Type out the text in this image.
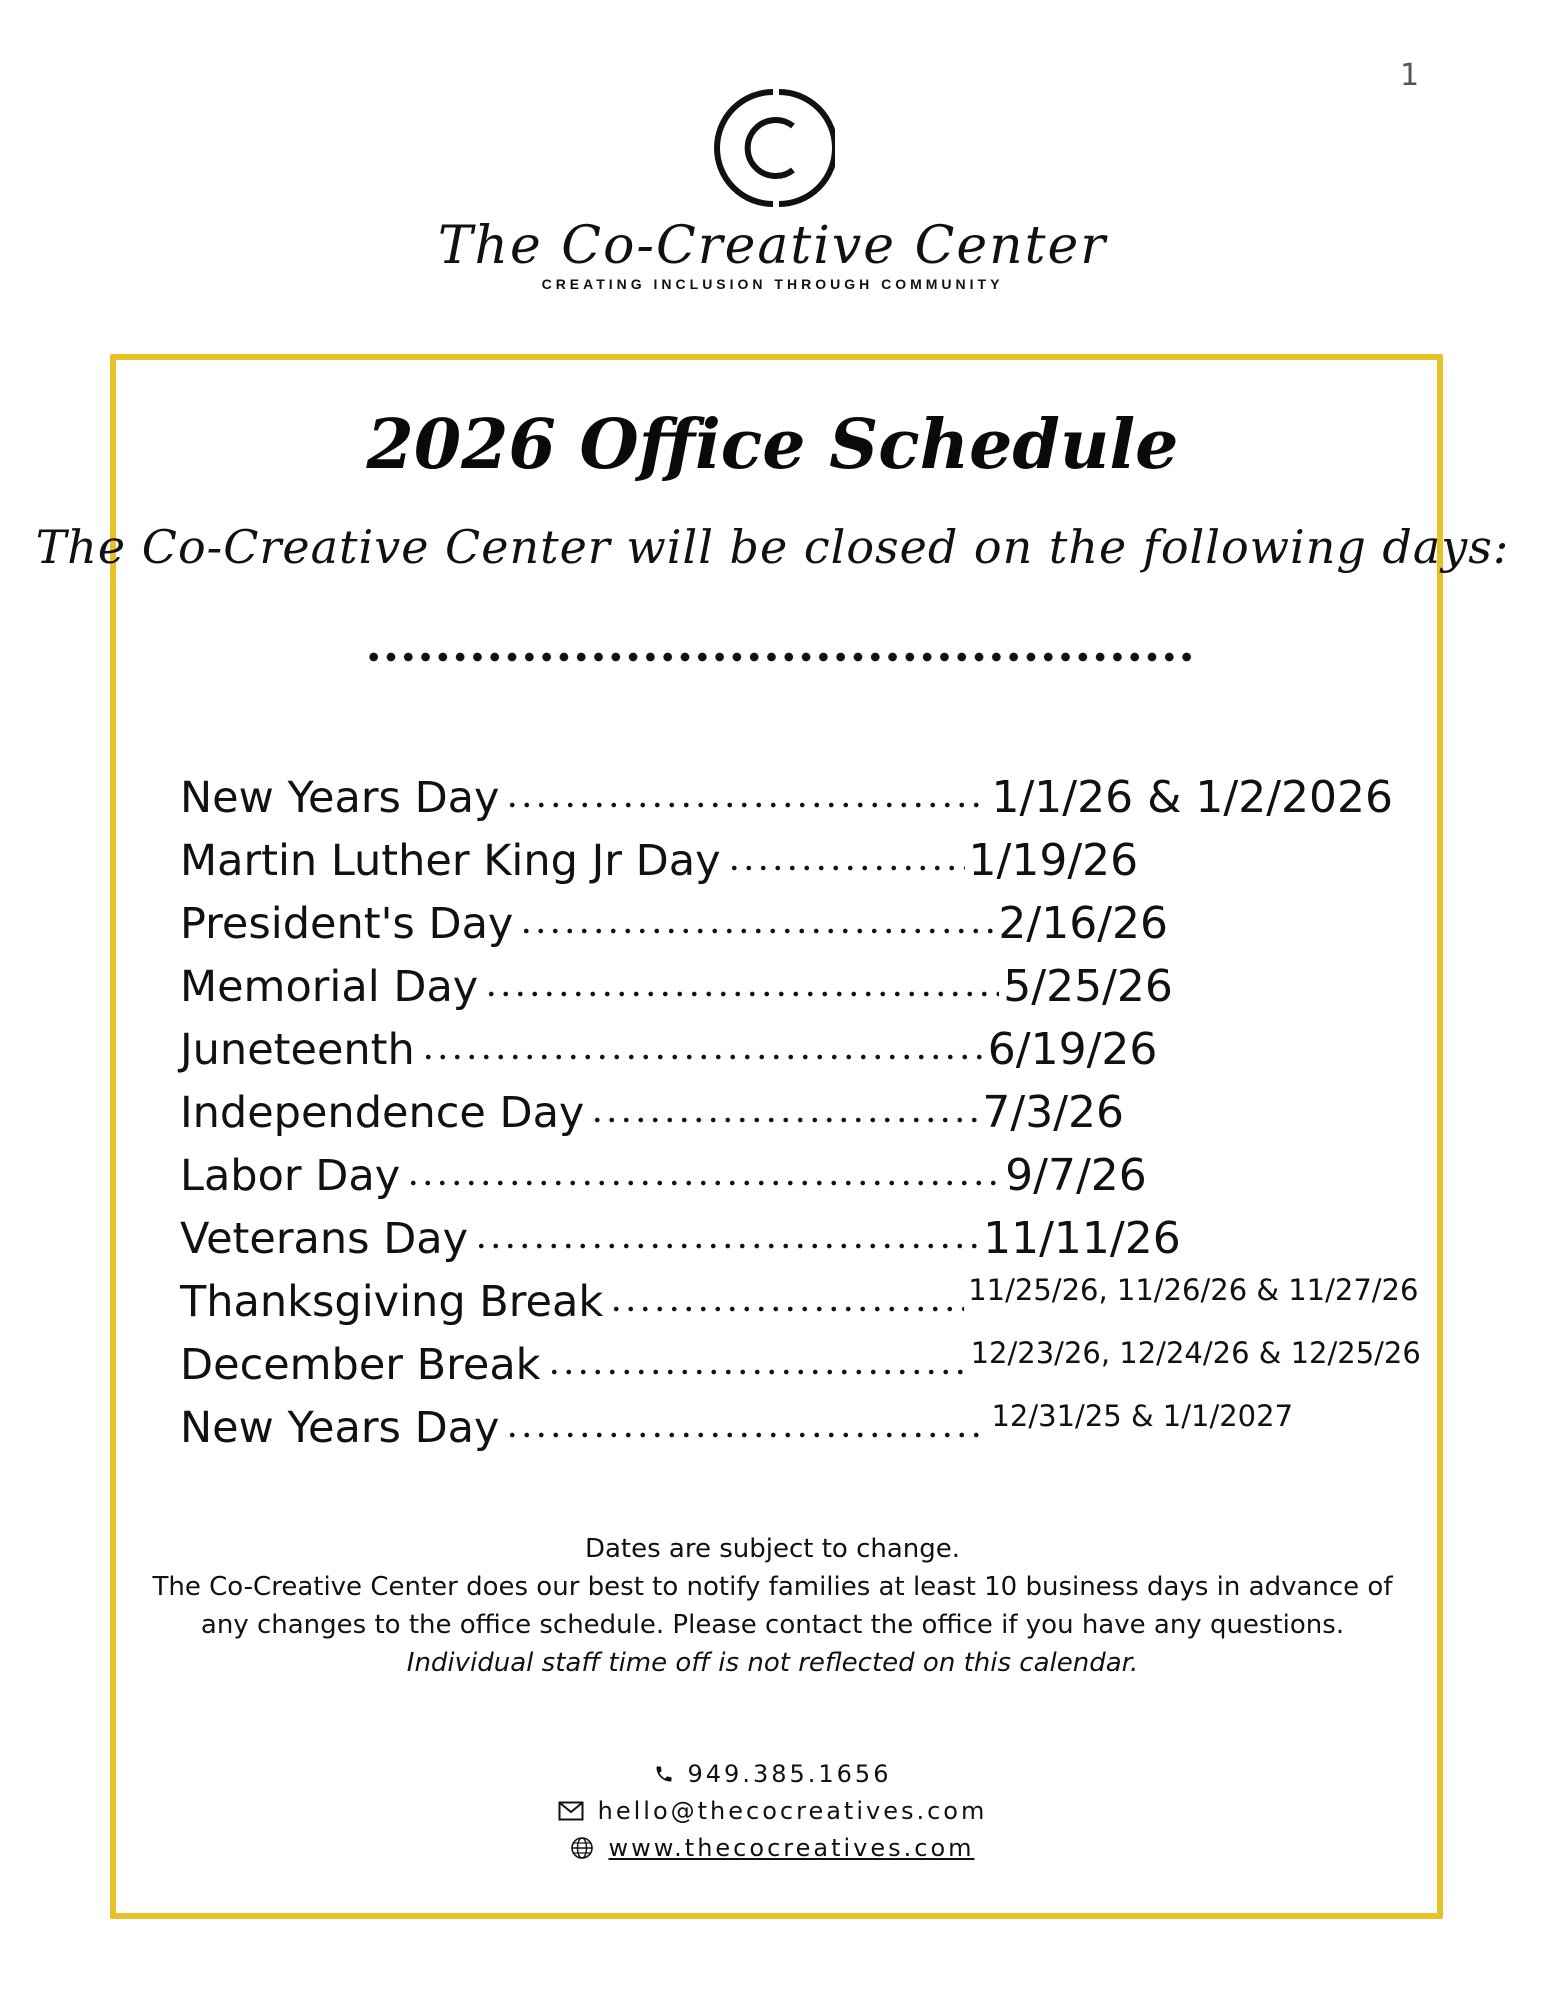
1
The Co-Creative Center
CREATING INCLUSION THROUGH COMMUNITY
2026 Office Schedule
The Co-Creative Center will be closed on the following days:
New Years Day	1/1/26 & 1/2/2026
Martin Luther King Jr Day	1/19/26
President's Day	2/16/26
Memorial Day	5/25/26
Juneteenth	6/19/26
Independence Day	7/3/26
Labor Day	9/7/26
Veterans Day	11/11/26
Thanksgiving Break	11/25/26, 11/26/26 & 11/27/26
December Break	12/23/26, 12/24/26 & 12/25/26
New Years Day	12/31/25 & 1/1/2027
Dates are subject to change.
The Co-Creative Center does our best to notify families at least 10 business days in advance of any changes to the office schedule. Please contact the office if you have any questions.
Individual staff time off is not reflected on this calendar.
949.385.1656
hello@thecocreatives.com
www.thecocreatives.com
